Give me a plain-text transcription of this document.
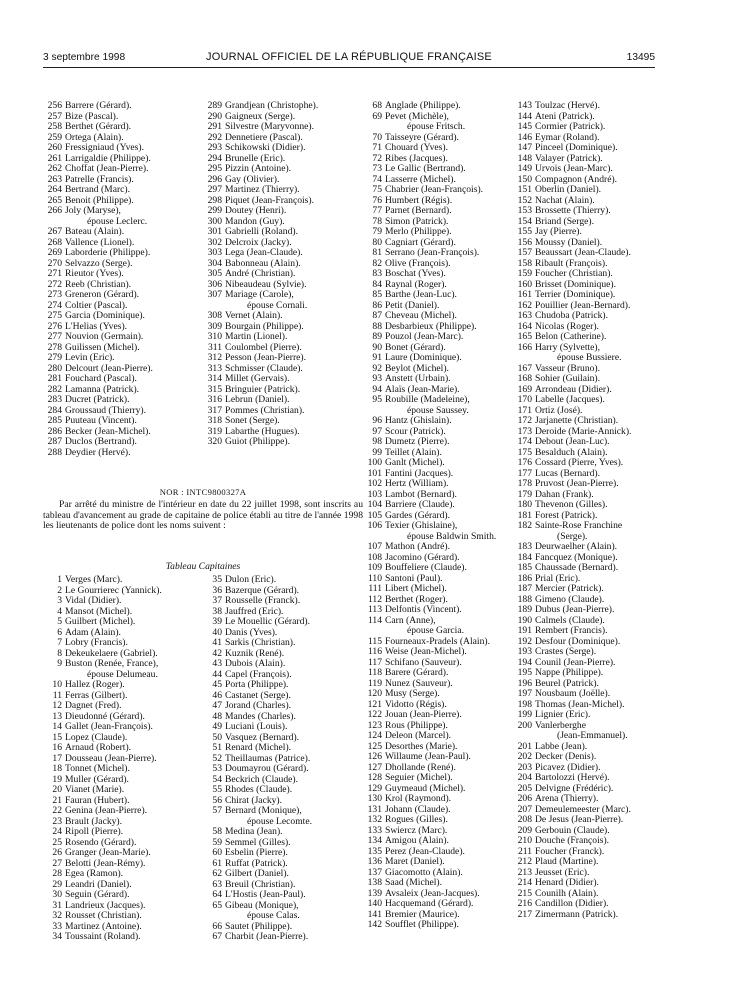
3 septembre 1998	JOURNAL OFFICIEL DE LA RÉPUBLIQUE FRANÇAISE	13495
256 Barrere (Gérard).
257 Bize (Pascal).
258 Berthet (Gérard).
259 Ortega (Alain).
260 Fressigniaud (Yves).
261 Larrigaldie (Philippe).
262 Choffat (Jean-Pierre).
263 Patrelle (Francis).
264 Bertrand (Marc).
265 Benoit (Philippe).
266 Joly (Maryse),
épouse Leclerc.
267 Bateau (Alain).
268 Vallence (Lionel).
269 Laborderie (Philippe).
270 Selvazzo (Serge).
271 Rieutor (Yves).
272 Reeb (Christian).
273 Greneron (Gérard).
274 Coltier (Pascal).
275 Garcia (Dominique).
276 L'Helias (Yves).
277 Nouvion (Germain).
278 Guilissen (Michel).
279 Levin (Eric).
280 Delcourt (Jean-Pierre).
281 Fouchard (Pascal).
282 Lamanna (Patrick).
283 Ducret (Patrick).
284 Groussaud (Thierry).
285 Puuteau (Vincent).
286 Becker (Jean-Michel).
287 Duclos (Bertrand).
288 Deydier (Hervé).
289 Grandjean (Christophe).
290 Gaigneux (Serge).
291 Silvestre (Maryvonne).
292 Dennetiere (Pascal).
293 Schikowski (Didier).
294 Brunelle (Eric).
295 Pizzin (Antoine).
296 Gay (Olivier).
297 Martinez (Thierry).
298 Piquet (Jean-François).
299 Doutey (Henri).
300 Mandon (Guy).
301 Gabrielli (Roland).
302 Delcroix (Jacky).
303 Lega (Jean-Claude).
304 Babonneau (Alain).
305 André (Christian).
306 Nibeaudeau (Sylvie).
307 Mariage (Carole),
épouse Cornali.
308 Vernet (Alain).
309 Bourgain (Philippe).
310 Martin (Lionel).
311 Coulombel (Pierre).
312 Pesson (Jean-Pierre).
313 Schmisser (Claude).
314 Millet (Gervais).
315 Bringuier (Patrick).
316 Lebrun (Daniel).
317 Pommes (Christian).
318 Sonet (Serge).
319 Labarthe (Hugues).
320 Guiot (Philippe).
NOR : INTC9800327A
Par arrêté du ministre de l'intérieur en date du 22 juillet 1998, sont inscrits au tableau d'avancement au grade de capitaine de police établi au titre de l'année 1998 les lieutenants de police dont les noms suivent :
Tableau Capitaines
1 Verges (Marc).
2 Le Gourrierec (Yannick).
3 Vidal (Didier).
4 Mansot (Michel).
5 Guilbert (Michel).
6 Adam (Alain).
7 Lobry (Francis).
8 Dekeukelaere (Gabriel).
9 Buston (Renée, France),
épouse Delumeau.
10 Hallez (Roger).
11 Ferras (Gilbert).
12 Dagnet (Fred).
13 Dieudonné (Gérard).
14 Gallet (Jean-François).
15 Lopez (Claude).
16 Arnaud (Robert).
17 Dousseau (Jean-Pierre).
18 Tonnet (Michel).
19 Muller (Gérard).
20 Vianet (Marie).
21 Fauran (Hubert).
22 Genina (Jean-Pierre).
23 Brault (Jacky).
24 Ripoll (Pierre).
25 Rosendo (Gérard).
26 Granger (Jean-Marie).
27 Belotti (Jean-Rémy).
28 Egea (Ramon).
29 Leandri (Daniel).
30 Seguin (Gérard).
31 Landrieux (Jacques).
32 Rousset (Christian).
33 Martinez (Antoine).
34 Toussaint (Roland).
35 Dulon (Eric).
36 Bazerque (Gérard).
37 Rousselle (Franck).
38 Jauffred (Eric).
39 Le Mouellic (Gérard).
40 Danis (Yves).
41 Sarkis (Christian).
42 Kuznik (René).
43 Dubois (Alain).
44 Capel (François).
45 Porta (Philippe).
46 Castanet (Serge).
47 Jorand (Charles).
48 Mandes (Charles).
49 Luciani (Louis).
50 Vasquez (Bernard).
51 Renard (Michel).
52 Theillaumas (Patrice).
53 Doumayrou (Gérard).
54 Beckrich (Claude).
55 Rhodes (Claude).
56 Chirat (Jacky).
57 Bernard (Monique),
épouse Lecomte.
58 Medina (Jean).
59 Semmel (Gilles).
60 Esbelin (Pierre).
61 Ruffat (Patrick).
62 Gilbert (Daniel).
63 Breuil (Christian).
64 L'Hostis (Jean-Paul).
65 Gibeau (Monique),
épouse Calas.
66 Sautet (Philippe).
67 Charbit (Jean-Pierre).
68 Anglade (Philippe).
69 Pevet (Michèle),
épouse Fritsch.
70 Taisseyre (Gérard).
71 Chouard (Yves).
72 Ribes (Jacques).
73 Le Gallic (Bertrand).
74 Lasserre (Michel).
75 Chabrier (Jean-François).
76 Humbert (Régis).
77 Parnet (Bernard).
78 Simon (Patrick).
79 Merlo (Philippe).
80 Cagniart (Gérard).
81 Serrano (Jean-François).
82 Olive (François).
83 Boschat (Yves).
84 Raynal (Roger).
85 Barthe (Jean-Luc).
86 Petit (Daniel).
87 Cheveau (Michel).
88 Desbarbieux (Philippe).
89 Pouzol (Jean-Marc).
90 Bonet (Gérard).
91 Laure (Dominique).
92 Beylot (Michel).
93 Anstett (Urbain).
94 Alaïs (Jean-Marie).
95 Roubille (Madeleine),
épouse Saussey.
96 Hantz (Ghislain).
97 Scour (Patrick).
98 Dumetz (Pierre).
99 Teillet (Alain).
100 Ganlt (Michel).
101 Fantini (Jacques).
102 Hertz (William).
103 Lambot (Bernard).
104 Barriere (Claude).
105 Gardes (Gérard).
106 Texier (Ghislaine),
épouse Baldwin Smith.
107 Mathon (André).
108 Jacomino (Gérard).
109 Bouffeliere (Claude).
110 Santoni (Paul).
111 Libert (Michel).
112 Berthet (Roger).
113 Delfontis (Vincent).
114 Carn (Anne),
épouse Garcia.
115 Fourneaux-Pradels (Alain).
116 Weise (Jean-Michel).
117 Schifano (Sauveur).
118 Barere (Gérard).
119 Nunez (Sauveur).
120 Musy (Serge).
121 Vidotto (Régis).
122 Jouan (Jean-Pierre).
123 Rous (Philippe).
124 Deleon (Marcel).
125 Desorthes (Marie).
126 Willaume (Jean-Paul).
127 Dhollande (René).
128 Seguier (Michel).
129 Guymeaud (Michel).
130 Krol (Raymond).
131 Johann (Claude).
132 Rogues (Gilles).
133 Swiercz (Marc).
134 Amigou (Alain).
135 Perez (Jean-Claude).
136 Maret (Daniel).
137 Giacomotto (Alain).
138 Saad (Michel).
139 Avsaleix (Jean-Jacques).
140 Hacquemand (Gérard).
141 Bremier (Maurice).
142 Soufflet (Philippe).
143 Toulzac (Hervé).
144 Ateni (Patrick).
145 Cormier (Patrick).
146 Eymar (Roland).
147 Pinceel (Dominique).
148 Valayer (Patrick).
149 Urvois (Jean-Marc).
150 Compagnon (André).
151 Oberlin (Daniel).
152 Nachat (Alain).
153 Brossette (Thierry).
154 Briand (Serge).
155 Jay (Pierre).
156 Moussy (Daniel).
157 Beaussart (Jean-Claude).
158 Ribault (François).
159 Foucher (Christian).
160 Brisset (Dominique).
161 Terrier (Dominique).
162 Pouillier (Jean-Bernard).
163 Chudoba (Patrick).
164 Nicolas (Roger).
165 Belon (Catherine).
166 Harry (Sylvette),
épouse Bussiere.
167 Vasseur (Bruno).
168 Sohier (Guilain).
169 Arrondeau (Didier).
170 Labelle (Jacques).
171 Ortiz (José).
172 Jarjanette (Christian).
173 Deroide (Marie-Annick).
174 Debout (Jean-Luc).
175 Besalduch (Alain).
176 Cossard (Pierre, Yves).
177 Lucas (Bernard).
178 Pruvost (Jean-Pierre).
179 Dahan (Frank).
180 Thevenon (Gilles).
181 Forest (Patrick).
182 Sainte-Rose Franchine
(Serge).
183 Deurwaelher (Alain).
184 Fancquez (Monique).
185 Chaussade (Bernard).
186 Prial (Eric).
187 Mercier (Patrick).
188 Gimeno (Claude).
189 Dubus (Jean-Pierre).
190 Calmels (Claude).
191 Rembert (Francis).
192 Desfour (Dominique).
193 Crastes (Serge).
194 Counil (Jean-Pierre).
195 Nappe (Philippe).
196 Beurel (Patrick).
197 Nousbaum (Joëlle).
198 Thomas (Jean-Michel).
199 Lignier (Eric).
200 Vanlerberghe
(Jean-Emmanuel).
201 Labbe (Jean).
202 Decker (Denis).
203 Picavez (Didier).
204 Bartolozzi (Hervé).
205 Delvigne (Frédéric).
206 Arena (Thierry).
207 Demeulemeester (Marc).
208 De Jesus (Jean-Pierre).
209 Gerbouin (Claude).
210 Douche (François).
211 Foucher (Franck).
212 Plaud (Martine).
213 Jeusset (Eric).
214 Henard (Didier).
215 Counilh (Alain).
216 Candillon (Didier).
217 Zimermann (Patrick).
